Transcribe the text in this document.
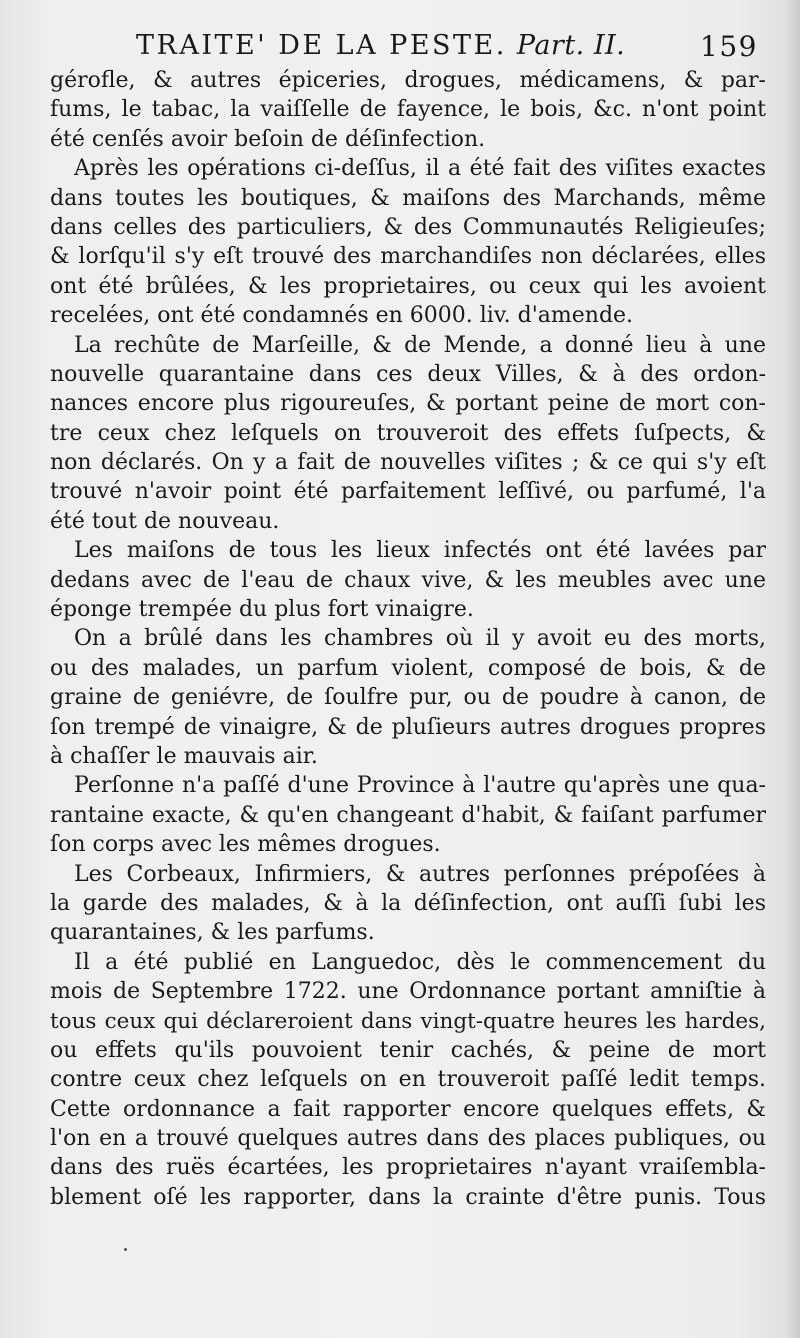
TRAITE' DE LA PESTE. Part. II.	159
gérofle, & autres épiceries, drogues, médicamens, & par-
fums, le tabac, la vaiſſelle de fayence, le bois, &c. n'ont point
été cenſés avoir beſoin de déſinfection.
Après les opérations ci-deſſus, il a été fait des viſites exactes
dans toutes les boutiques, & maiſons des Marchands, même
dans celles des particuliers, & des Communautés Religieuſes;
& lorſqu'il s'y eſt trouvé des marchandiſes non déclarées, elles
ont été brûlées, & les proprietaires, ou ceux qui les avoient
recelées, ont été condamnés en 6000. liv. d'amende.
La rechûte de Marſeille, & de Mende, a donné lieu à une
nouvelle quarantaine dans ces deux Villes, & à des ordon-
nances encore plus rigoureuſes, & portant peine de mort con-
tre ceux chez leſquels on trouveroit des effets ſuſpects, &
non déclarés. On y a fait de nouvelles viſites ; & ce qui s'y eſt
trouvé n'avoir point été parfaitement leſſivé, ou parfumé, l'a
été tout de nouveau.
Les maiſons de tous les lieux infectés ont été lavées par
dedans avec de l'eau de chaux vive, & les meubles avec une
éponge trempée du plus fort vinaigre.
On a brûlé dans les chambres où il y avoit eu des morts,
ou des malades, un parfum violent, composé de bois, & de
graine de geniévre, de ſoulfre pur, ou de poudre à canon, de
ſon trempé de vinaigre, & de pluſieurs autres drogues propres
à chaſſer le mauvais air.
Perſonne n'a paſſé d'une Province à l'autre qu'après une qua-
rantaine exacte, & qu'en changeant d'habit, & faiſant parfumer
ſon corps avec les mêmes drogues.
Les Corbeaux, Infirmiers, & autres perſonnes prépoſées à
la garde des malades, & à la déſinfection, ont auſſi ſubi les
quarantaines, & les parfums.
Il a été publié en Languedoc, dès le commencement du
mois de Septembre 1722. une Ordonnance portant amniſtie à
tous ceux qui déclareroient dans vingt-quatre heures les hardes,
ou effets qu'ils pouvoient tenir cachés, & peine de mort
contre ceux chez leſquels on en trouveroit paſſé ledit temps.
Cette ordonnance a fait rapporter encore quelques effets, &
l'on en a trouvé quelques autres dans des places publiques, ou
dans des ruës écartées, les proprietaires n'ayant vraiſembla-
blement oſé les rapporter, dans la crainte d'être punis. Tous
